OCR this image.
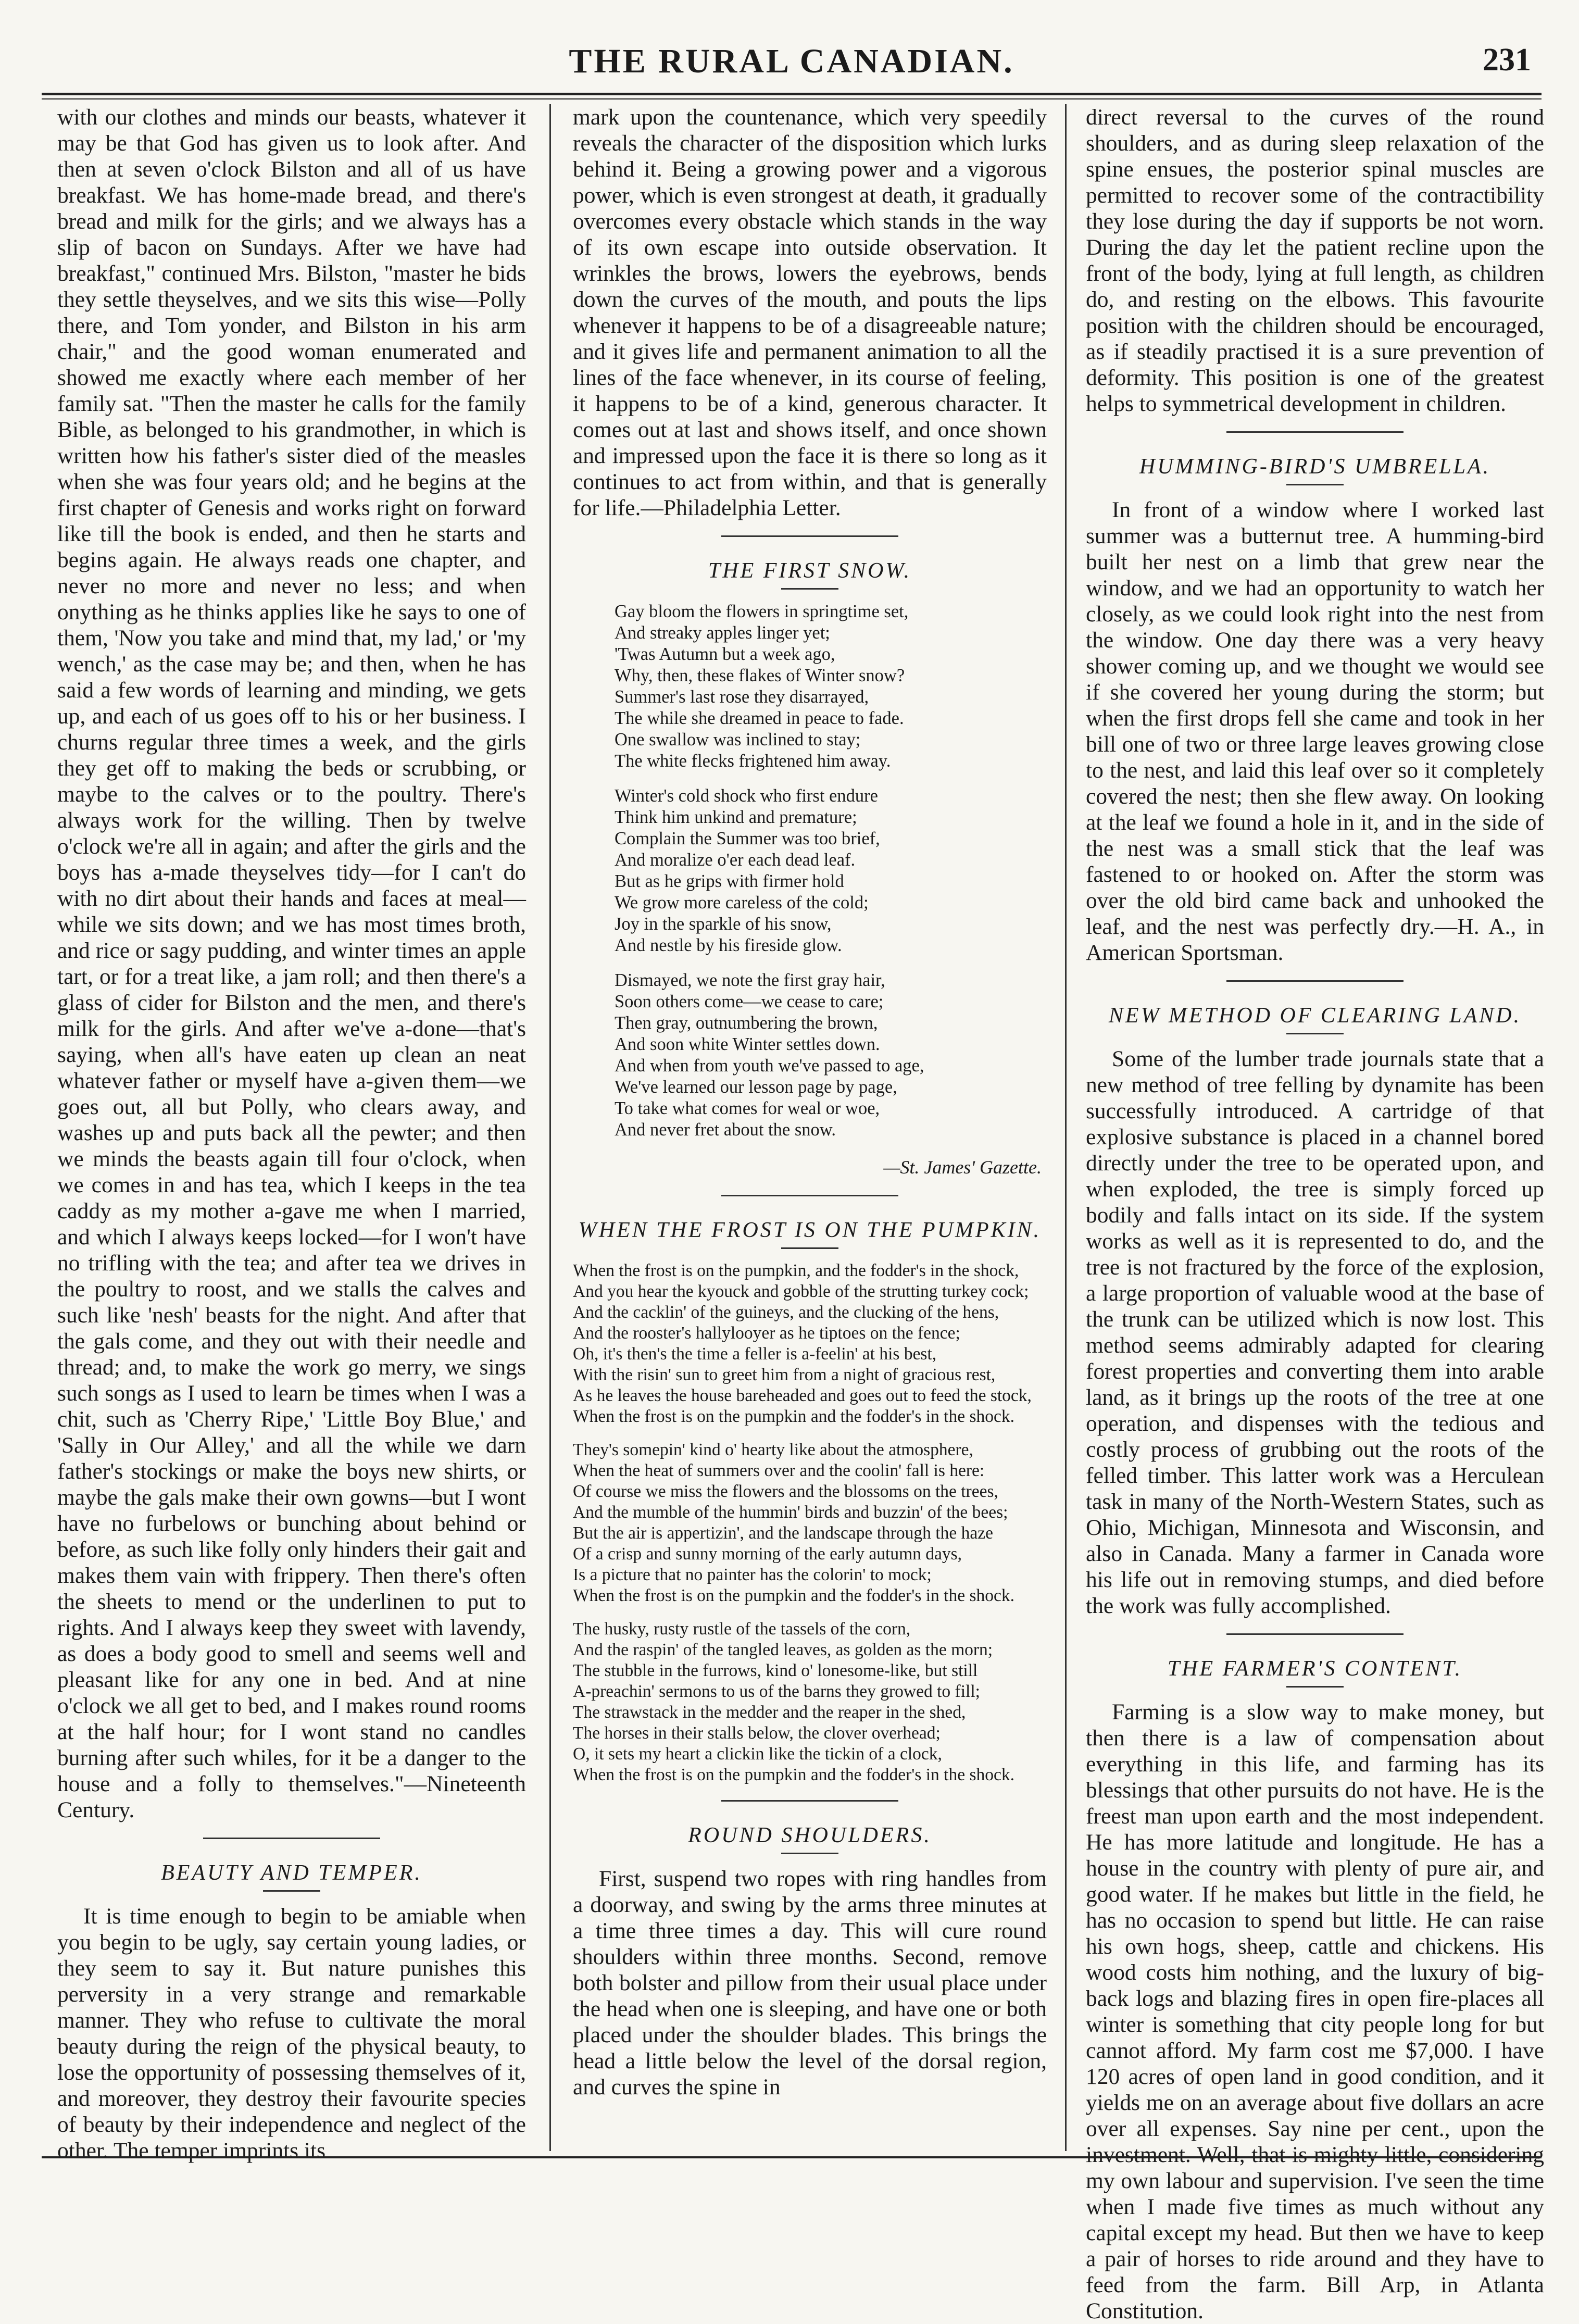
THE RURAL CANADIAN.	231

with our clothes and minds our beasts, whatever it may be that God has given us to look after. And then at seven o'clock Bilston and all of us have breakfast. We has home-made bread, and there's bread and milk for the girls; and we always has a slip of bacon on Sundays. After we have had breakfast," continued Mrs. Bilston, "master he bids they settle theyselves, and we sits this wise—Polly there, and Tom yonder, and Bilston in his arm chair," and the good woman enumerated and showed me exactly where each member of her family sat. "Then the master he calls for the family Bible, as belonged to his grandmother, in which is written how his father's sister died of the measles when she was four years old; and he begins at the first chapter of Genesis and works right on forward like till the book is ended, and then he starts and begins again. He always reads one chapter, and never no more and never no less; and when onything as he thinks applies like he says to one of them, 'Now you take and mind that, my lad,' or 'my wench,' as the case may be; and then, when he has said a few words of learning and minding, we gets up, and each of us goes off to his or her business. I churns regular three times a week, and the girls they get off to making the beds or scrubbing, or maybe to the calves or to the poultry. There's always work for the willing. Then by twelve o'clock we're all in again; and after the girls and the boys has a-made theyselves tidy—for I can't do with no dirt about their hands and faces at meal—while we sits down; and we has most times broth, and rice or sagy pudding, and winter times an apple tart, or for a treat like, a jam roll; and then there's a glass of cider for Bilston and the men, and there's milk for the girls. And after we've a-done—that's saying, when all's have eaten up clean an neat whatever father or myself have a-given them—we goes out, all but Polly, who clears away, and washes up and puts back all the pewter; and then we minds the beasts again till four o'clock, when we comes in and has tea, which I keeps in the tea caddy as my mother a-gave me when I married, and which I always keeps locked—for I won't have no trifling with the tea; and after tea we drives in the poultry to roost, and we stalls the calves and such like 'nesh' beasts for the night. And after that the gals come, and they out with their needle and thread; and, to make the work go merry, we sings such songs as I used to learn be times when I was a chit, such as 'Cherry Ripe,' 'Little Boy Blue,' and 'Sally in Our Alley,' and all the while we darn father's stockings or make the boys new shirts, or maybe the gals make their own gowns—but I wont have no furbelows or bunching about behind or before, as such like folly only hinders their gait and makes them vain with frippery. Then there's often the sheets to mend or the underlinen to put to rights. And I always keep they sweet with lavendy, as does a body good to smell and seems well and pleasant like for any one in bed. And at nine o'clock we all get to bed, and I makes round rooms at the half hour; for I wont stand no candles burning after such whiles, for it be a danger to the house and a folly to themselves."—Nineteenth Century.

BEAUTY AND TEMPER.

It is time enough to begin to be amiable when you begin to be ugly, say certain young ladies, or they seem to say it. But nature punishes this perversity in a very strange and remarkable manner. They who refuse to cultivate the moral beauty during the reign of the physical beauty, to lose the opportunity of possessing themselves of it, and moreover, they destroy their favourite species of beauty by their independence and neglect of the other. The temper imprints its

mark upon the countenance, which very speedily reveals the character of the disposition which lurks behind it. Being a growing power and a vigorous power, which is even strongest at death, it gradually overcomes every obstacle which stands in the way of its own escape into outside observation. It wrinkles the brows, lowers the eyebrows, bends down the curves of the mouth, and pouts the lips whenever it happens to be of a disagreeable nature; and it gives life and permanent animation to all the lines of the face whenever, in its course of feeling, it happens to be of a kind, generous character. It comes out at last and shows itself, and once shown and impressed upon the face it is there so long as it continues to act from within, and that is generally for life.—Philadelphia Letter.

THE FIRST SNOW.
Gay bloom the flowers in springtime set,
And streaky apples linger yet;
'Twas Autumn but a week ago,
Why, then, these flakes of Winter snow?
Summer's last rose they disarrayed,
The while she dreamed in peace to fade.
One swallow was inclined to stay;
The white flecks frightened him away.
Winter's cold shock who first endure
Think him unkind and premature;
Complain the Summer was too brief,
And moralize o'er each dead leaf.
But as he grips with firmer hold
We grow more careless of the cold;
Joy in the sparkle of his snow,
And nestle by his fireside glow.
Dismayed, we note the first gray hair,
Soon others come—we cease to care;
Then gray, outnumbering the brown,
And soon white Winter settles down.
And when from youth we've passed to age,
We've learned our lesson page by page,
To take what comes for weal or woe,
And never fret about the snow.
—St. James' Gazette.
WHEN THE FROST IS ON THE PUMPKIN.
When the frost is on the pumpkin, and the fodder's in the shock,
And you hear the kyouck and gobble of the strutting turkey cock;
And the cacklin' of the guineys, and the clucking of the hens,
And the rooster's hallylooyer as he tiptoes on the fence;
Oh, it's then's the time a feller is a-feelin' at his best,
With the risin' sun to greet him from a night of gracious rest,
As he leaves the house bareheaded and goes out to feed the stock,
When the frost is on the pumpkin and the fodder's in the shock.
They's somepin' kind o' hearty like about the atmosphere,
When the heat of summers over and the coolin' fall is here:
Of course we miss the flowers and the blossoms on the trees,
And the mumble of the hummin' birds and buzzin' of the bees;
But the air is appertizin', and the landscape through the haze
Of a crisp and sunny morning of the early autumn days,
Is a picture that no painter has the colorin' to mock;
When the frost is on the pumpkin and the fodder's in the shock.
The husky, rusty rustle of the tassels of the corn,
And the raspin' of the tangled leaves, as golden as the morn;
The stubble in the furrows, kind o' lonesome-like, but still
A-preachin' sermons to us of the barns they growed to fill;
The strawstack in the medder and the reaper in the shed,
The horses in their stalls below, the clover overhead;
O, it sets my heart a clickin like the tickin of a clock,
When the frost is on the pumpkin and the fodder's in the shock.
ROUND SHOULDERS.

First, suspend two ropes with ring handles from a doorway, and swing by the arms three minutes at a time three times a day. This will cure round shoulders within three months. Second, remove both bolster and pillow from their usual place under the head when one is sleeping, and have one or both placed under the shoulder blades. This brings the head a little below the level of the dorsal region, and curves the spine in

direct reversal to the curves of the round shoulders, and as during sleep relaxation of the spine ensues, the posterior spinal muscles are permitted to recover some of the contractibility they lose during the day if supports be not worn. During the day let the patient recline upon the front of the body, lying at full length, as children do, and resting on the elbows. This favourite position with the children should be encouraged, as if steadily practised it is a sure prevention of deformity. This position is one of the greatest helps to symmetrical development in children.

HUMMING-BIRD'S UMBRELLA.

In front of a window where I worked last summer was a butternut tree. A humming-bird built her nest on a limb that grew near the window, and we had an opportunity to watch her closely, as we could look right into the nest from the window. One day there was a very heavy shower coming up, and we thought we would see if she covered her young during the storm; but when the first drops fell she came and took in her bill one of two or three large leaves growing close to the nest, and laid this leaf over so it completely covered the nest; then she flew away. On looking at the leaf we found a hole in it, and in the side of the nest was a small stick that the leaf was fastened to or hooked on. After the storm was over the old bird came back and unhooked the leaf, and the nest was perfectly dry.—H. A., in American Sportsman.

NEW METHOD OF CLEARING LAND.

Some of the lumber trade journals state that a new method of tree felling by dynamite has been successfully introduced. A cartridge of that explosive substance is placed in a channel bored directly under the tree to be operated upon, and when exploded, the tree is simply forced up bodily and falls intact on its side. If the system works as well as it is represented to do, and the tree is not fractured by the force of the explosion, a large proportion of valuable wood at the base of the trunk can be utilized which is now lost. This method seems admirably adapted for clearing forest properties and converting them into arable land, as it brings up the roots of the tree at one operation, and dispenses with the tedious and costly process of grubbing out the roots of the felled timber. This latter work was a Herculean task in many of the North-Western States, such as Ohio, Michigan, Minnesota and Wisconsin, and also in Canada. Many a farmer in Canada wore his life out in removing stumps, and died before the work was fully accomplished.

THE FARMER'S CONTENT.

Farming is a slow way to make money, but then there is a law of compensation about everything in this life, and farming has its blessings that other pursuits do not have. He is the freest man upon earth and the most independent. He has more latitude and longitude. He has a house in the country with plenty of pure air, and good water. If he makes but little in the field, he has no occasion to spend but little. He can raise his own hogs, sheep, cattle and chickens. His wood costs him nothing, and the luxury of big-back logs and blazing fires in open fire-places all winter is something that city people long for but cannot afford. My farm cost me $7,000. I have 120 acres of open land in good condition, and it yields me on an average about five dollars an acre over all expenses. Say nine per cent., upon the investment. Well, that is mighty little, considering my own labour and supervision. I've seen the time when I made five times as much without any capital except my head. But then we have to keep a pair of horses to ride around and they have to feed from the farm. Bill Arp, in Atlanta Constitution.
